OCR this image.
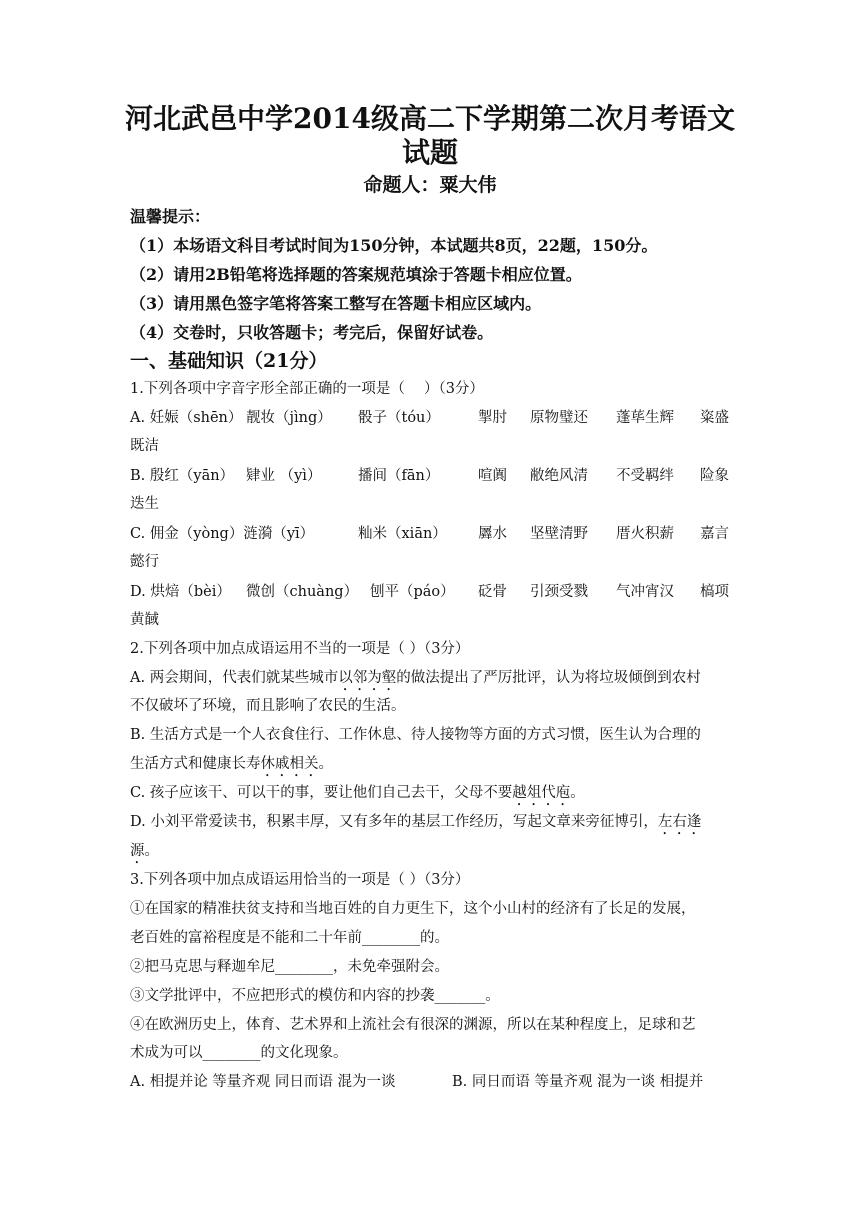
河北武邑中学2014级高二下学期第二次月考语文试题
命题人：粟大伟
温馨提示：
（1）本场语文科目考试时间为150分钟，本试题共8页，22题，150分。
（2）请用2B铅笔将选择题的答案规范填涂于答题卡相应位置。
（3）请用黑色签字笔将答案工整写在答题卡相应区域内。
（4）交卷时，只收答题卡；考完后，保留好试卷。
一、基础知识（21分）
1.下列各项中字音字形全部正确的一项是（　 ）（3分）
A. 妊娠（shēn） 靓妆（jìng） 骰子（tóu）	掣肘 原物璧还 蓬荜生辉 粢盛
既洁
B. 殷红（yān） 肄业 （yì）	播间（fān）	喧阗 敝绝风清 不受羁绊 险象
迭生
C. 佣金（yòng）涟漪（yī）	籼米（xiān） 羼水 坚壁清野 厝火积薪 嘉言
懿行
D. 烘焙（bèi） 微创（chuàng） 刨平（páo） 砭骨 引颈受戮 气冲宵汉 槁项
黄馘
2.下列各项中加点成语运用不当的一项是（ ）（3分）
A. 两会期间，代表们就某些城市以邻为壑的做法提出了严厉批评，认为将垃圾倾倒到农村
不仅破坏了环境，而且影响了农民的生活。
B. 生活方式是一个人衣食住行、工作休息、待人接物等方面的方式习惯，医生认为合理的
生活方式和健康长寿休戚相关。
C. 孩子应该干、可以干的事，要让他们自己去干，父母不要越俎代庖。
D. 小刘平常爱读书，积累丰厚，又有多年的基层工作经历，写起文章来旁征博引，左右逢
源。
3.下列各项中加点成语运用恰当的一项是（ ）（3分）
①在国家的精准扶贫支持和当地百姓的自力更生下，这个小山村的经济有了长足的发展，
老百姓的富裕程度是不能和二十年前________的。
②把马克思与释迦牟尼________，未免牵强附会。
③文学批评中，不应把形式的模仿和内容的抄袭_______。
④在欧洲历史上，体育、艺术界和上流社会有很深的渊源，所以在某种程度上，足球和艺
术成为可以________的文化现象。
A. 相提并论 等量齐观 同日而语 混为一谈	B. 同日而语 等量齐观 混为一谈 相提并
